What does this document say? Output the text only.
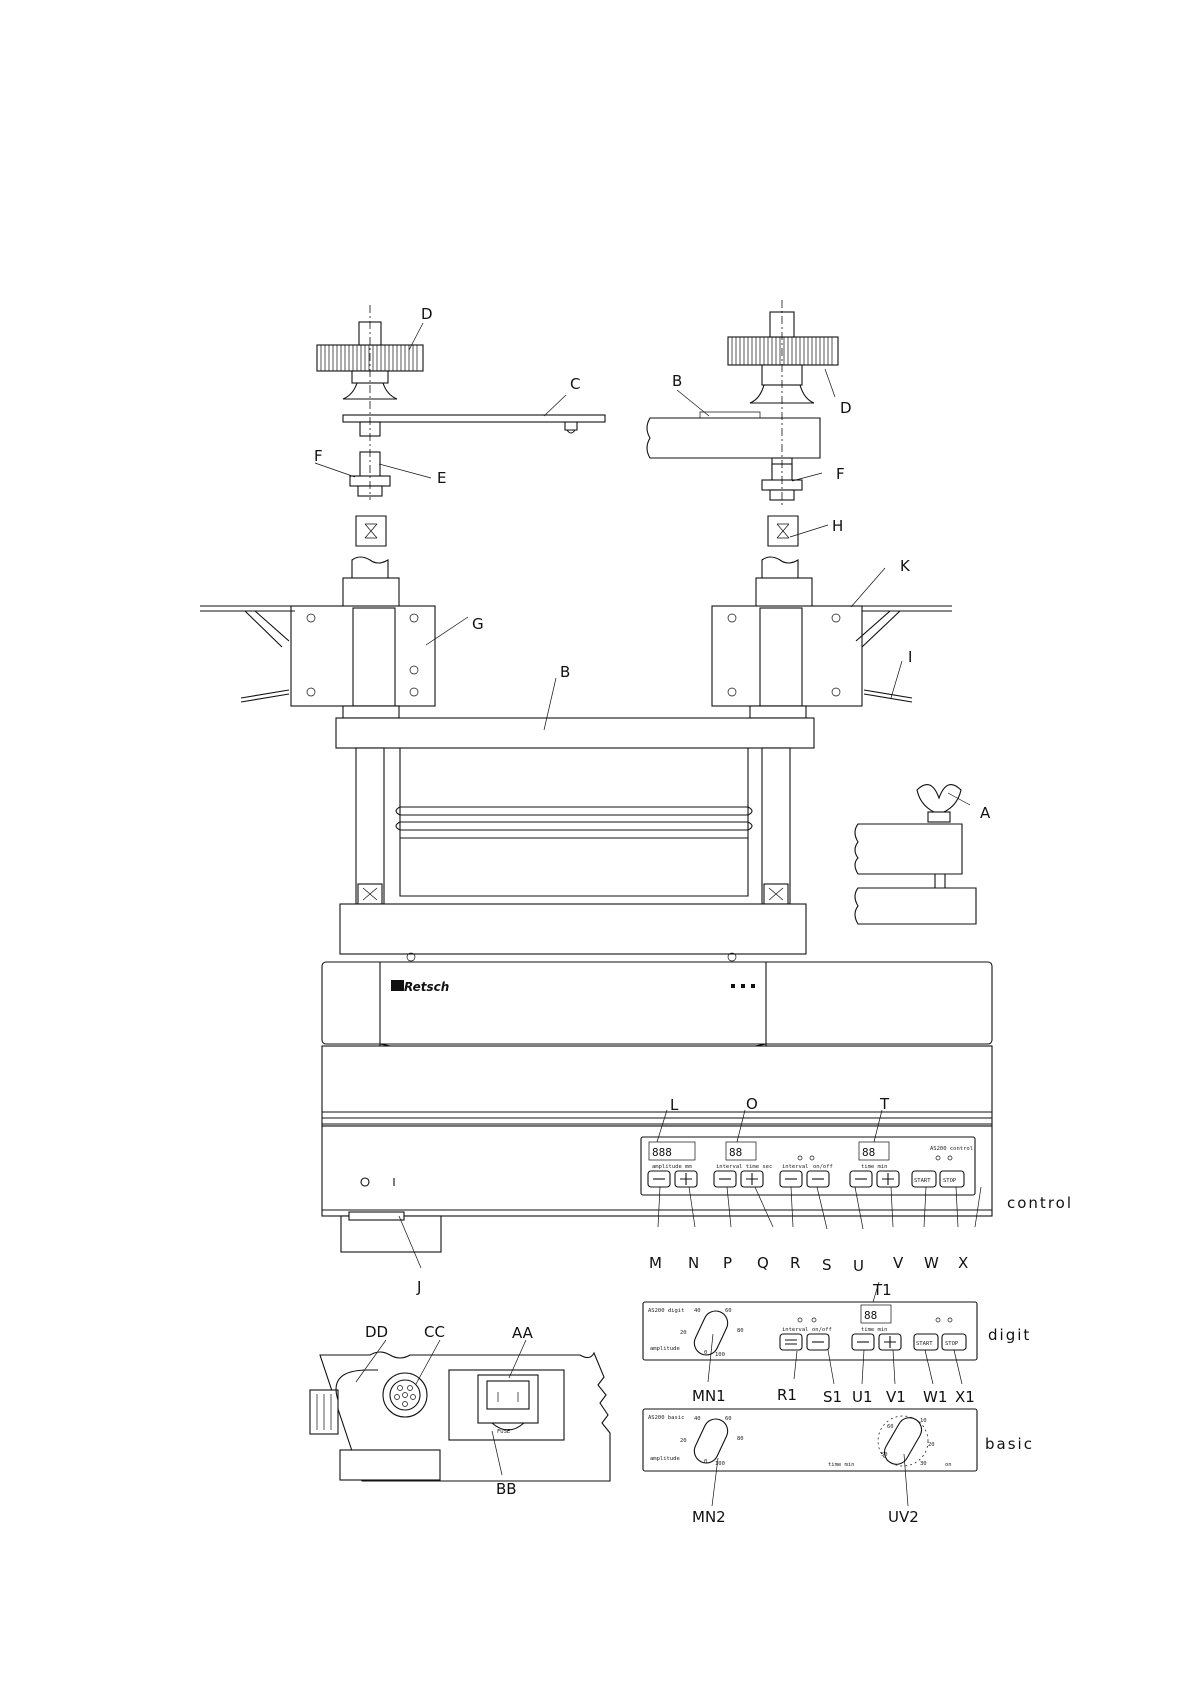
Retsch
888	88	88	AS200 control
amplitude mm	interval time sec interval on/off	time min
START STOP
FUSE
AS200 digit
0
20
40	60
80
100
amplitude
88
interval on/off	time min
START STOP
AS200 basic
0
20
40	60
80
100
amplitude
60
10
20
30
50
time min	on
D
C	B
D
F
E	F
H
K
G
I
B
A
L	O	T
control
M N P Q R S U V W X
J	T1
digit
DD CC	AA
MN1	R1 S1 U1 V1 W1 X1
basic
BB
MN2	UV2
